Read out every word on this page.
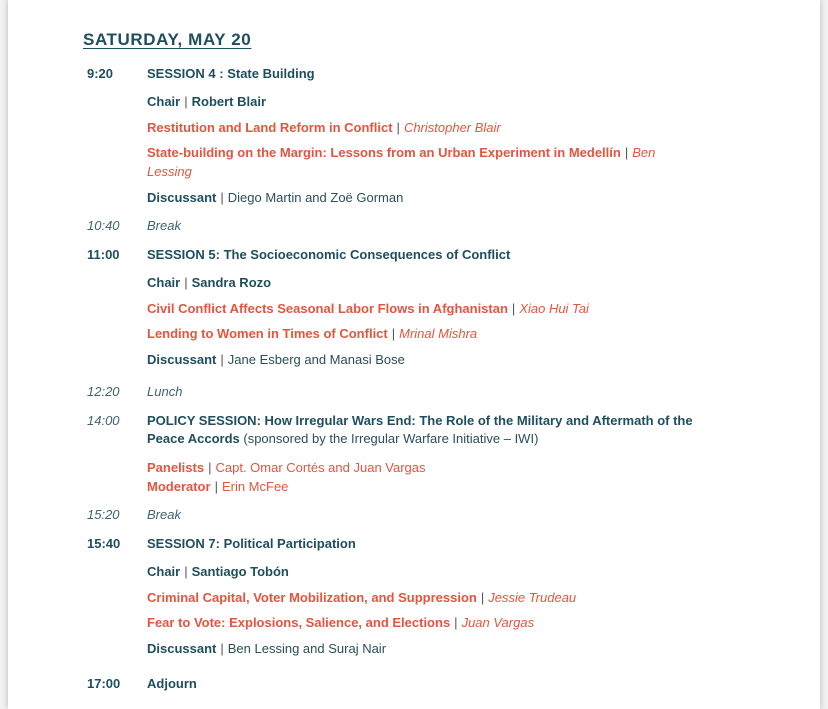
SATURDAY, MAY 20
9:20	SESSION 4 : State Building
Chair | Robert Blair
Restitution and Land Reform in Conflict | Christopher Blair
State-building on the Margin: Lessons from an Urban Experiment in Medellín | Ben
Lessing
Discussant | Diego Martin and Zoë Gorman
10:40 Break
11:00 SESSION 5: The Socioeconomic Consequences of Conflict
Chair | Sandra Rozo
Civil Conflict Affects Seasonal Labor Flows in Afghanistan | Xiao Hui Tai
Lending to Women in Times of Conflict | Mrinal Mishra
Discussant | Jane Esberg and Manasi Bose
12:20 Lunch
14:00 POLICY SESSION: How Irregular Wars End: The Role of the Military and Aftermath of the
Peace Accords (sponsored by the Irregular Warfare Initiative – IWI)
Panelists | Capt. Omar Cortés and Juan Vargas
Moderator | Erin McFee
15:20 Break
15:40 SESSION 7: Political Participation
Chair | Santiago Tobón
Criminal Capital, Voter Mobilization, and Suppression | Jessie Trudeau
Fear to Vote: Explosions, Salience, and Elections | Juan Vargas
Discussant | Ben Lessing and Suraj Nair
17:00 Adjourn
